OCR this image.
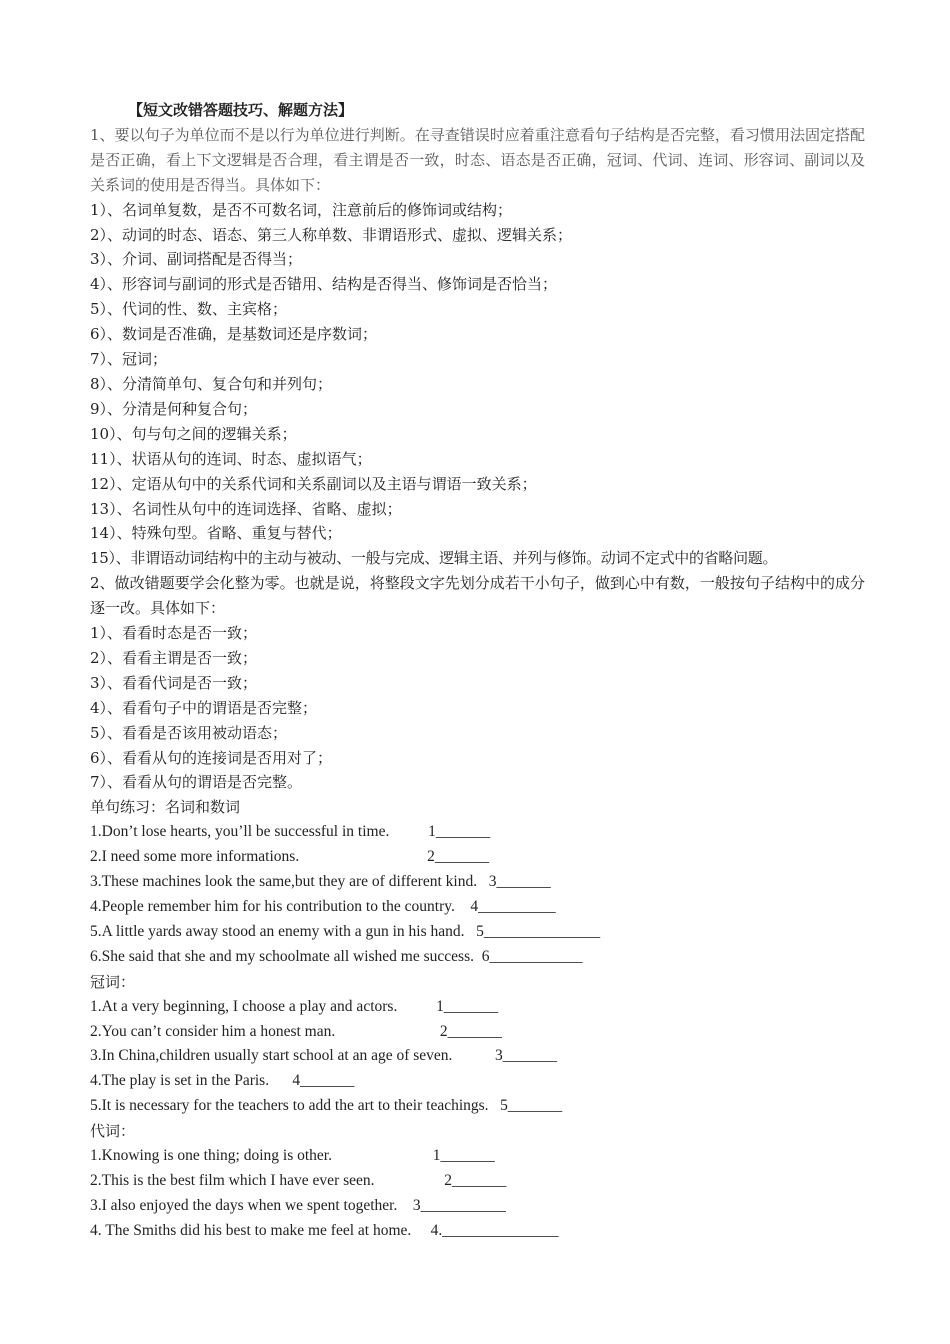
【短文改错答题技巧、解题方法】
1、要以句子为单位而不是以行为单位进行判断。在寻查错误时应着重注意看句子结构是否完整，看习惯用法固定搭配是否正确，看上下文逻辑是否合理，看主谓是否一致，时态、语态是否正确，冠词、代词、连词、形容词、副词以及关系词的使用是否得当。具体如下：
1）、名词单复数，是否不可数名词，注意前后的修饰词或结构；
2）、动词的时态、语态、第三人称单数、非谓语形式、虚拟、逻辑关系；
3）、介词、副词搭配是否得当；
4）、形容词与副词的形式是否错用、结构是否得当、修饰词是否恰当；
5）、代词的性、数、主宾格；
6）、数词是否准确，是基数词还是序数词；
7）、冠词；
8）、分清简单句、复合句和并列句；
9）、分清是何种复合句；
10）、句与句之间的逻辑关系；
11）、状语从句的连词、时态、虚拟语气；
12）、定语从句中的关系代词和关系副词以及主语与谓语一致关系；
13）、名词性从句中的连词选择、省略、虚拟；
14）、特殊句型。省略、重复与替代；
15）、非谓语动词结构中的主动与被动、一般与完成、逻辑主语、并列与修饰。动词不定式中的省略问题。
2、做改错题要学会化整为零。也就是说，将整段文字先划分成若干小句子，做到心中有数，一般按句子结构中的成分逐一改。具体如下：
1）、看看时态是否一致；
2）、看看主谓是否一致；
3）、看看代词是否一致；
4）、看看句子中的谓语是否完整；
5）、看看是否该用被动语态；
6）、看看从句的连接词是否用对了；
7）、看看从句的谓语是否完整。
单句练习：名词和数词
1.Don’t lose hearts, you’ll be successful in time.          1_______
2.I need some more informations.                                 2_______
3.These machines look the same,but they are of different kind.   3_______
4.People remember him for his contribution to the country.    4__________
5.A little yards away stood an enemy with a gun in his hand.   5_______________
6.She said that she and my schoolmate all wished me success.  6____________
冠词：
1.At a very beginning, I choose a play and actors.          1_______
2.You can’t consider him a honest man.                           2_______
3.In China,children usually start school at an age of seven.           3_______
4.The play is set in the Paris.      4_______
5.It is necessary for the teachers to add the art to their teachings.   5_______
代词：
1.Knowing is one thing; doing is other.                          1_______
2.This is the best film which I have ever seen.                  2_______
3.I also enjoyed the days when we spent together.    3___________
4. The Smiths did his best to make me feel at home.     4._______________
